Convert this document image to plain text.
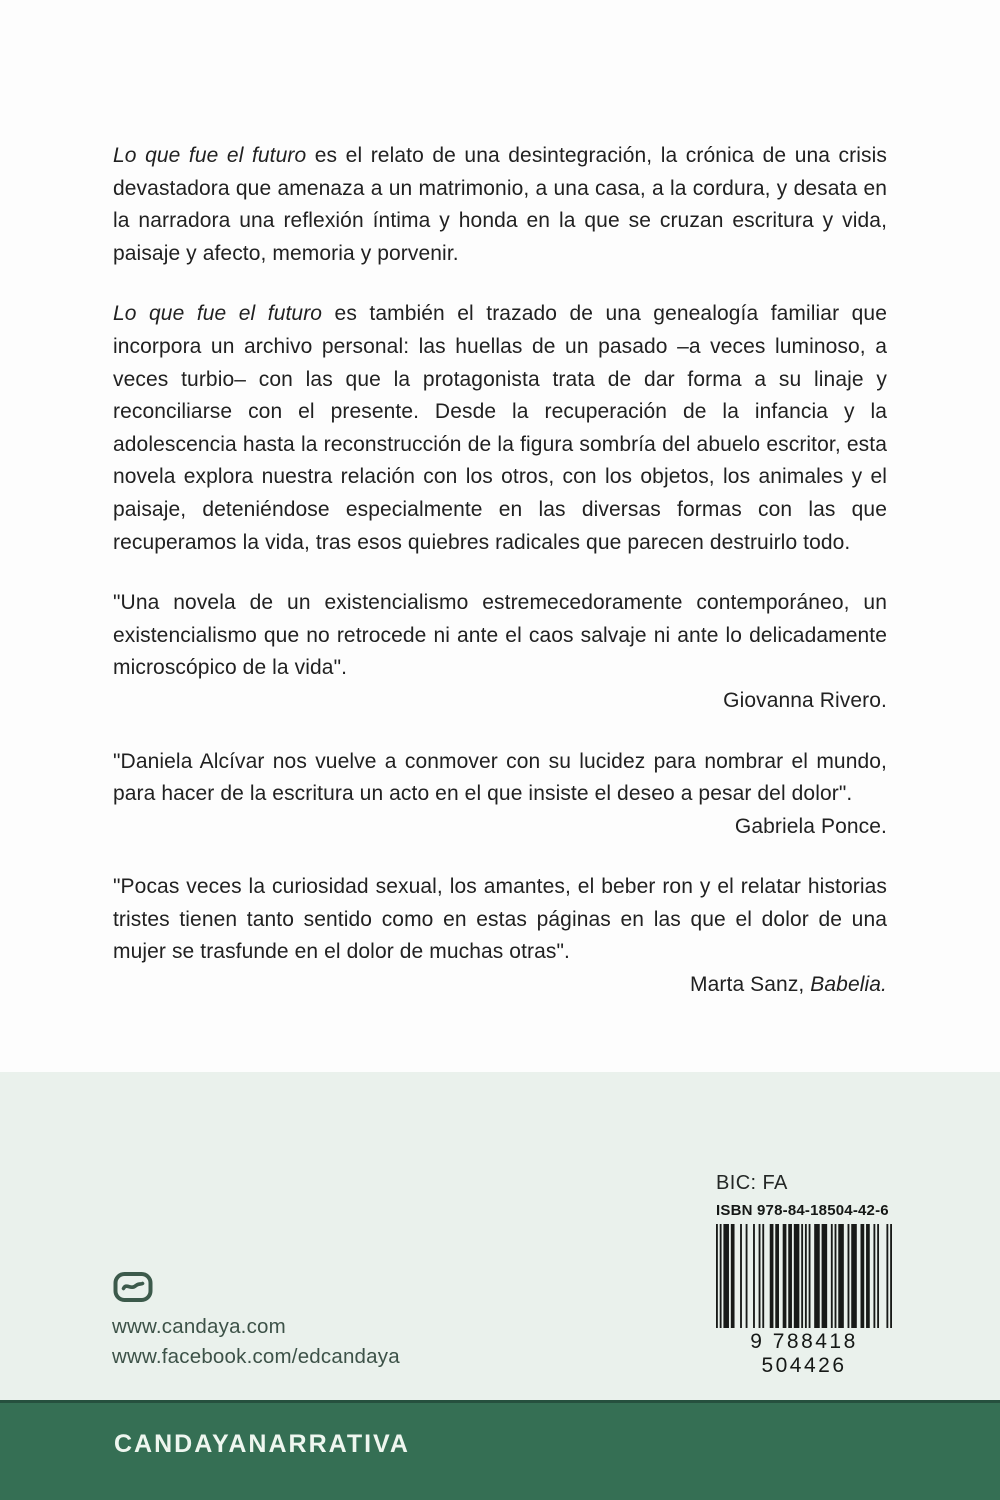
Lo que fue el futuro es el relato de una desintegración, la crónica de una crisis devastadora que amenaza a un matrimonio, a una casa, a la cordura, y desata en la narradora una reflexión íntima y honda en la que se cruzan escritura y vida, paisaje y afecto, memoria y porvenir.

Lo que fue el futuro es también el trazado de una genealogía familiar que incorpora un archivo personal: las huellas de un pasado –a veces luminoso, a veces turbio– con las que la protagonista trata de dar forma a su linaje y reconciliarse con el presente. Desde la recuperación de la infancia y la adolescencia hasta la reconstrucción de la figura sombría del abuelo escritor, esta novela explora nuestra relación con los otros, con los objetos, los animales y el paisaje, deteniéndose especialmente en las diversas formas con las que recuperamos la vida, tras esos quiebres radicales que parecen destruirlo todo.

"Una novela de un existencialismo estremecedoramente contemporáneo, un existencialismo que no retrocede ni ante el caos salvaje ni ante lo delicadamente microscópico de la vida".

Giovanna Rivero.

"Daniela Alcívar nos vuelve a conmover con su lucidez para nombrar el mundo, para hacer de la escritura un acto en el que insiste el deseo a pesar del dolor".

Gabriela Ponce.

"Pocas veces la curiosidad sexual, los amantes, el beber ron y el relatar historias tristes tienen tanto sentido como en estas páginas en las que el dolor de una mujer se trasfunde en el dolor de muchas otras".

Marta Sanz, Babelia.

BIC: FA
ISBN 978-84-18504-42-6
9 788418 504426
www.candaya.com
www.facebook.com/edcandaya
CANDAYANARRATIVA
